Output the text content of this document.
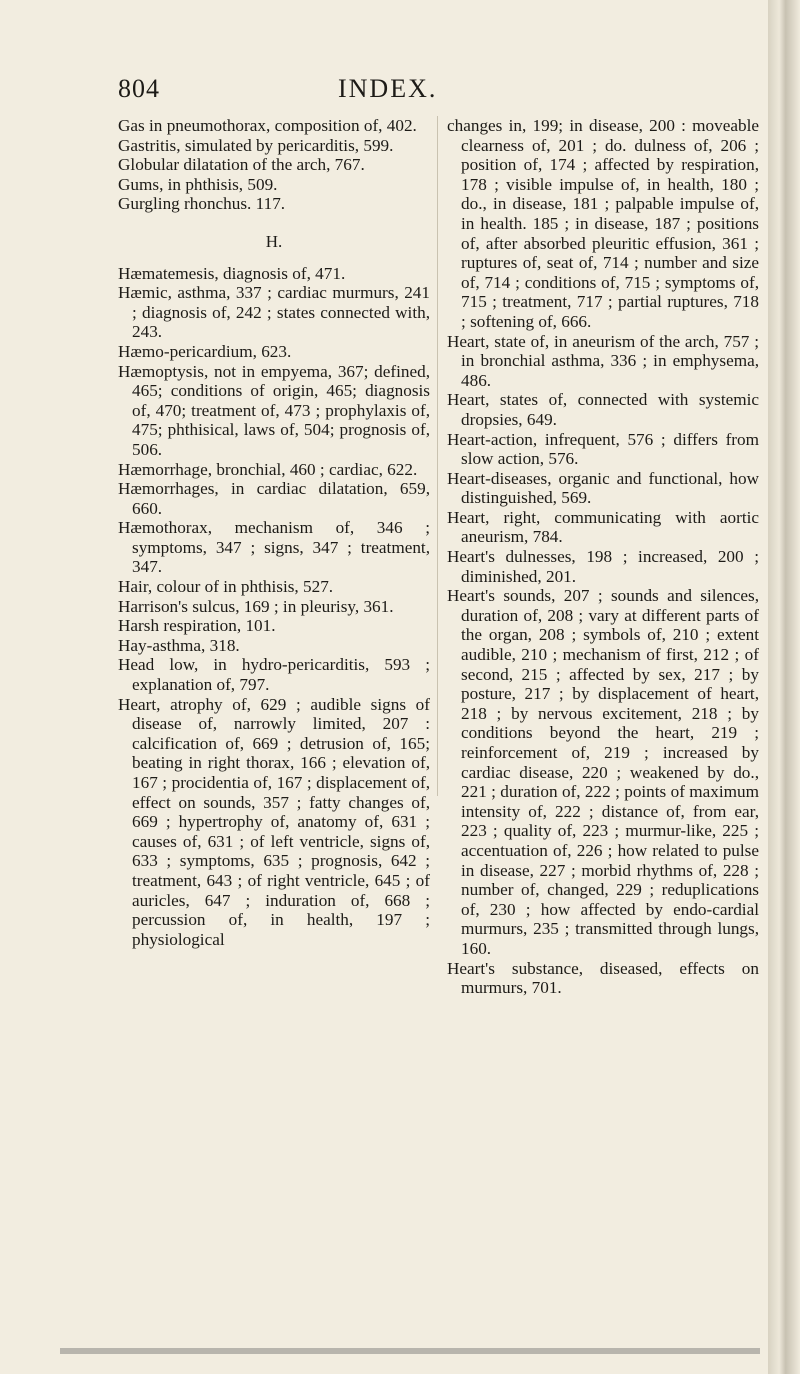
804	INDEX.
Gas in pneumothorax, composition of, 402.
Gastritis, simulated by pericarditis, 599.
Globular dilatation of the arch, 767.
Gums, in phthisis, 509.
Gurgling rhonchus. 117.
H.
Hæmatemesis, diagnosis of, 471.
Hæmic, asthma, 337 ; cardiac murmurs, 241 ; diagnosis of, 242 ; states connected with, 243.
Hæmo-pericardium, 623.
Hæmoptysis, not in empyema, 367; defined, 465; conditions of origin, 465; diagnosis of, 470; treatment of, 473 ; prophylaxis of, 475; phthisical, laws of, 504; prognosis of, 506.
Hæmorrhage, bronchial, 460 ; cardiac, 622.
Hæmorrhages, in cardiac dilatation, 659, 660.
Hæmothorax, mechanism of, 346 ; symptoms, 347 ; signs, 347 ; treatment, 347.
Hair, colour of in phthisis, 527.
Harrison's sulcus, 169 ; in pleurisy, 361.
Harsh respiration, 101.
Hay-asthma, 318.
Head low, in hydro-pericarditis, 593 ; explanation of, 797.
Heart, atrophy of, 629 ; audible signs of disease of, narrowly limited, 207 : calcification of, 669 ; detrusion of, 165; beating in right thorax, 166 ; elevation of, 167 ; procidentia of, 167 ; displacement of, effect on sounds, 357 ; fatty changes of, 669 ; hypertrophy of, anatomy of, 631 ; causes of, 631 ; of left ventricle, signs of, 633 ; symptoms, 635 ; prognosis, 642 ; treatment, 643 ; of right ventricle, 645 ; of auricles, 647 ; induration of, 668 ; percussion of, in health, 197 ; physiological
changes in, 199; in disease, 200 : moveable clearness of, 201 ; do. dulness of, 206 ; position of, 174 ; affected by respiration, 178 ; visible impulse of, in health, 180 ; do., in disease, 181 ; palpable impulse of, in health. 185 ; in disease, 187 ; positions of, after absorbed pleuritic effusion, 361 ; ruptures of, seat of, 714 ; number and size of, 714 ; conditions of, 715 ; symptoms of, 715 ; treatment, 717 ; partial ruptures, 718 ; softening of, 666.
Heart, state of, in aneurism of the arch, 757 ; in bronchial asthma, 336 ; in emphysema, 486.
Heart, states of, connected with systemic dropsies, 649.
Heart-action, infrequent, 576 ; differs from slow action, 576.
Heart-diseases, organic and functional, how distinguished, 569.
Heart, right, communicating with aortic aneurism, 784.
Heart's dulnesses, 198 ; increased, 200 ; diminished, 201.
Heart's sounds, 207 ; sounds and silences, duration of, 208 ; vary at different parts of the organ, 208 ; symbols of, 210 ; extent audible, 210 ; mechanism of first, 212 ; of second, 215 ; affected by sex, 217 ; by posture, 217 ; by displacement of heart, 218 ; by nervous excitement, 218 ; by conditions beyond the heart, 219 ; reinforcement of, 219 ; increased by cardiac disease, 220 ; weakened by do., 221 ; duration of, 222 ; points of maximum intensity of, 222 ; distance of, from ear, 223 ; quality of, 223 ; murmur-like, 225 ; accentuation of, 226 ; how related to pulse in disease, 227 ; morbid rhythms of, 228 ; number of, changed, 229 ; reduplications of, 230 ; how affected by endo-cardial murmurs, 235 ; transmitted through lungs, 160.
Heart's substance, diseased, effects on murmurs, 701.
